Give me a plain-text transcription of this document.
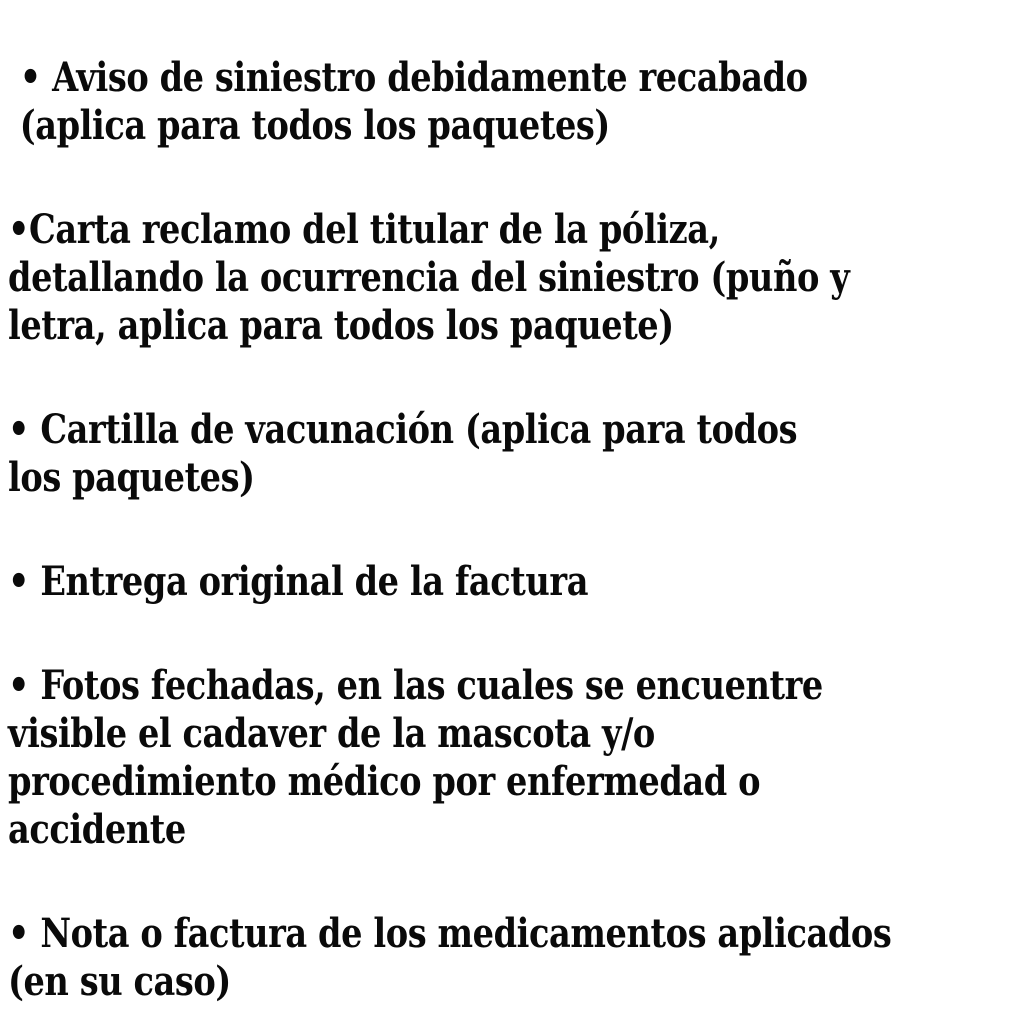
• Aviso de siniestro debidamente recabado
(aplica para todos los paquetes)

•Carta reclamo del titular de la póliza,
detallando la ocurrencia del siniestro (puño y
letra, aplica para todos los paquete)

• Cartilla de vacunación (aplica para todos
los paquetes)

• Entrega original de la factura

• Fotos fechadas, en las cuales se encuentre
visible el cadaver de la mascota y/o
procedimiento médico por enfermedad o
accidente

• Nota o factura de los medicamentos aplicados
(en su caso)
